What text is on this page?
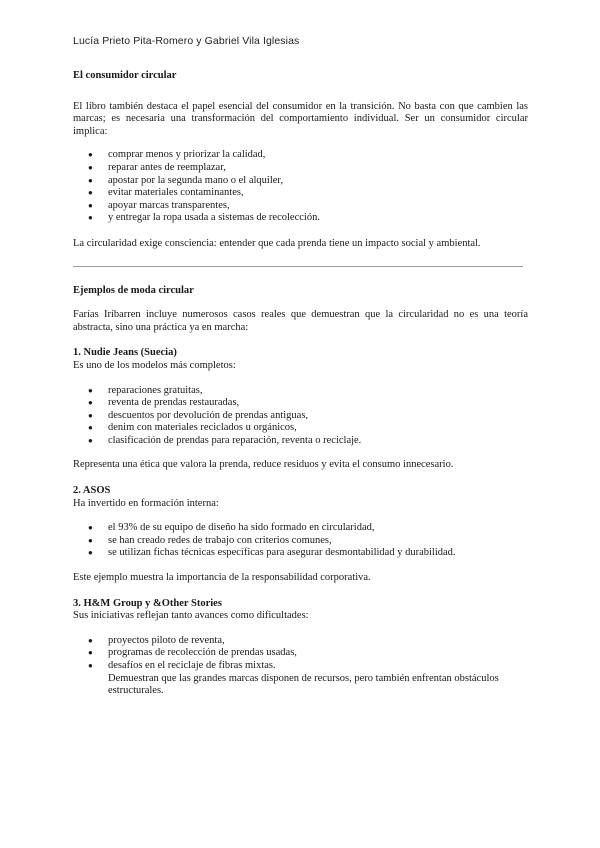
Lucía Prieto Pita-Romero y Gabriel Vila Iglesias
El consumidor circular

El libro también destaca el papel esencial del consumidor en la transición. No basta con que cambien las marcas; es necesaria una transformación del comportamiento individual. Ser un consumidor circular implica:

● comprar menos y priorizar la calidad,
● reparar antes de reemplazar,
● apostar por la segunda mano o el alquiler,
● evitar materiales contaminantes,
● apoyar marcas transparentes,
● y entregar la ropa usada a sistemas de recolección.

La circularidad exige consciencia: entender que cada prenda tiene un impacto social y ambiental.

Ejemplos de moda circular

Farías Iribarren incluye numerosos casos reales que demuestran que la circularidad no es una teoría abstracta, sino una práctica ya en marcha:

1. Nudie Jeans (Suecia)

Es uno de los modelos más completos:

● reparaciones gratuitas,
● reventa de prendas restauradas,
● descuentos por devolución de prendas antiguas,
● denim con materiales reciclados u orgánicos,
● clasificación de prendas para reparación, reventa o reciclaje.

Representa una ética que valora la prenda, reduce residuos y evita el consumo innecesario.

2. ASOS

Ha invertido en formación interna:

● el 93% de su equipo de diseño ha sido formado en circularidad,
● se han creado redes de trabajo con criterios comunes,
● se utilizan fichas técnicas específicas para asegurar desmontabilidad y durabilidad.

Este ejemplo muestra la importancia de la responsabilidad corporativa.

3. H&M Group y &Other Stories

Sus iniciativas reflejan tanto avances como dificultades:

● proyectos piloto de reventa,
● programas de recolección de prendas usadas,
● desafíos en el reciclaje de fibras mixtas.

Demuestran que las grandes marcas disponen de recursos, pero también enfrentan obstáculos estructurales.
